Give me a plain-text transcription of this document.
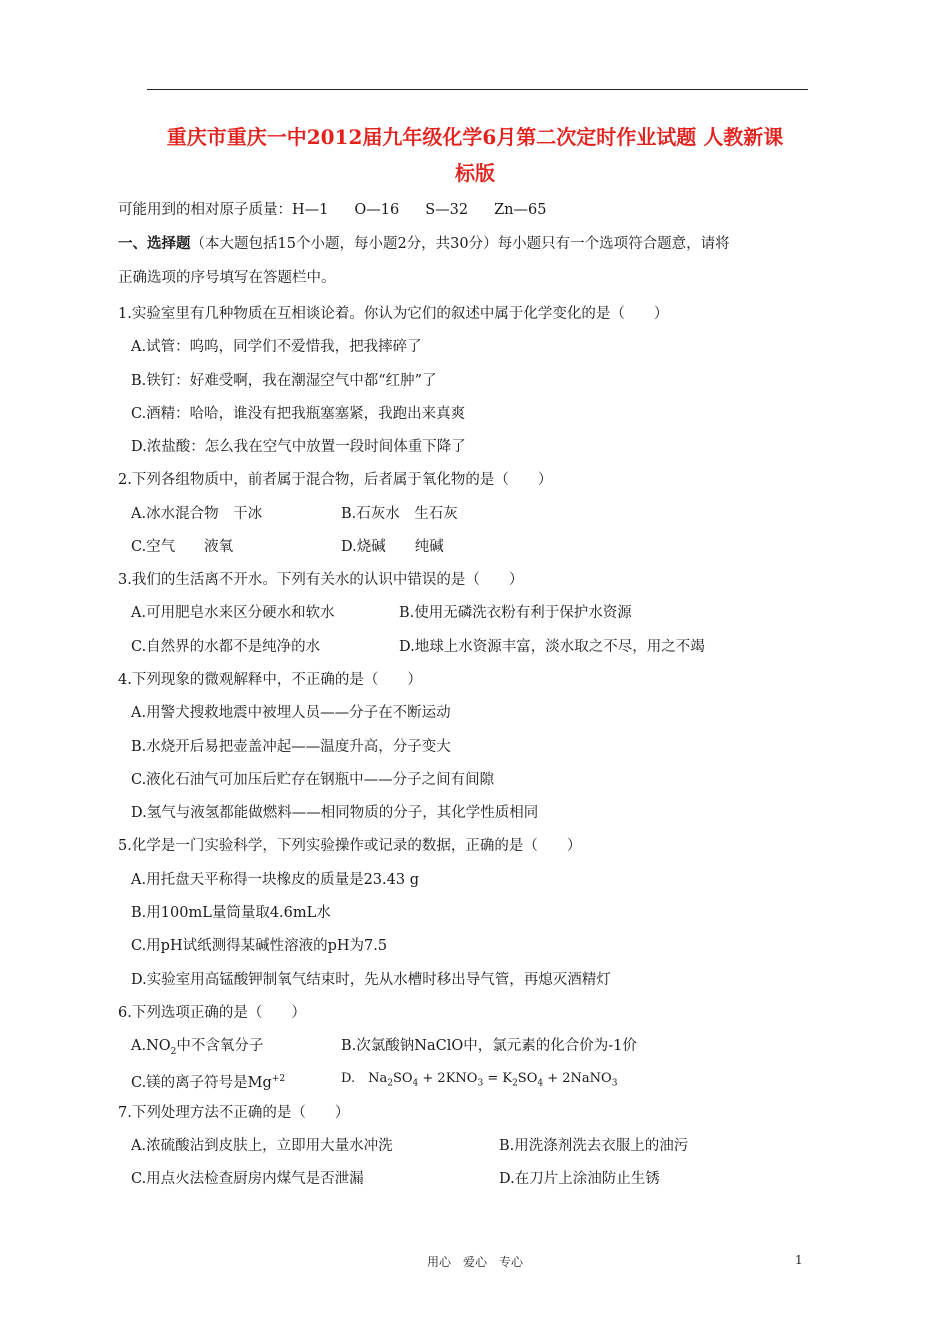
重庆市重庆一中2012届九年级化学6月第二次定时作业试题 人教新课
标版
可能用到的相对原子质量：H—1 O—16 S—32 Zn—65
一、选择题（本大题包括15个小题，每小题2分，共30分）每小题只有一个选项符合题意，请将
正确选项的序号填写在答题栏中。
1.实验室里有几种物质在互相谈论着。你认为它们的叙述中属于化学变化的是（　　）
A.试管：呜呜，同学们不爱惜我，把我摔碎了
B.铁钉：好难受啊，我在潮湿空气中都“红肿”了
C.酒精：哈哈，谁没有把我瓶塞塞紧，我跑出来真爽
D.浓盐酸：怎么我在空气中放置一段时间体重下降了
2.下列各组物质中，前者属于混合物，后者属于氧化物的是（　　）
A.冰水混合物　干冰	B.石灰水　生石灰
C.空气　　液氧	D.烧碱　　纯碱
3.我们的生活离不开水。下列有关水的认识中错误的是（　　）
A.可用肥皂水来区分硬水和软水	B.使用无磷洗衣粉有利于保护水资源
C.自然界的水都不是纯净的水	D.地球上水资源丰富，淡水取之不尽，用之不竭
4.下列现象的微观解释中，不正确的是（　　）
A.用警犬搜救地震中被埋人员——分子在不断运动
B.水烧开后易把壶盖冲起——温度升高，分子变大
C.液化石油气可加压后贮存在钢瓶中——分子之间有间隙
D.氢气与液氢都能做燃料——相同物质的分子，其化学性质相同
5.化学是一门实验科学，下列实验操作或记录的数据，正确的是（　　）
A.用托盘天平称得一块橡皮的质量是23.43 g
B.用100mL量筒量取4.6mL水
C.用pH试纸测得某碱性溶液的pH为7.5
D.实验室用高锰酸钾制氧气结束时，先从水槽时移出导气管，再熄灭酒精灯
6.下列选项正确的是（　　）
$A.NO_2$中不含氧分子	B.次氯酸钠NaClO中，氯元素的化合价为-1价
C.镁的离子符号是$Mg^{+2}$	D.　$Na_2SO_4 + 2KNO_3 = K_2SO_4$ + 2NaNO$_3$
7.下列处理方法不正确的是（　　）
A.浓硫酸沾到皮肤上，立即用大量水冲洗	B.用洗涤剂洗去衣服上的油污
C.用点火法检查厨房内煤气是否泄漏	D.在刀片上涂油防止生锈
用心　爱心　专心	1
